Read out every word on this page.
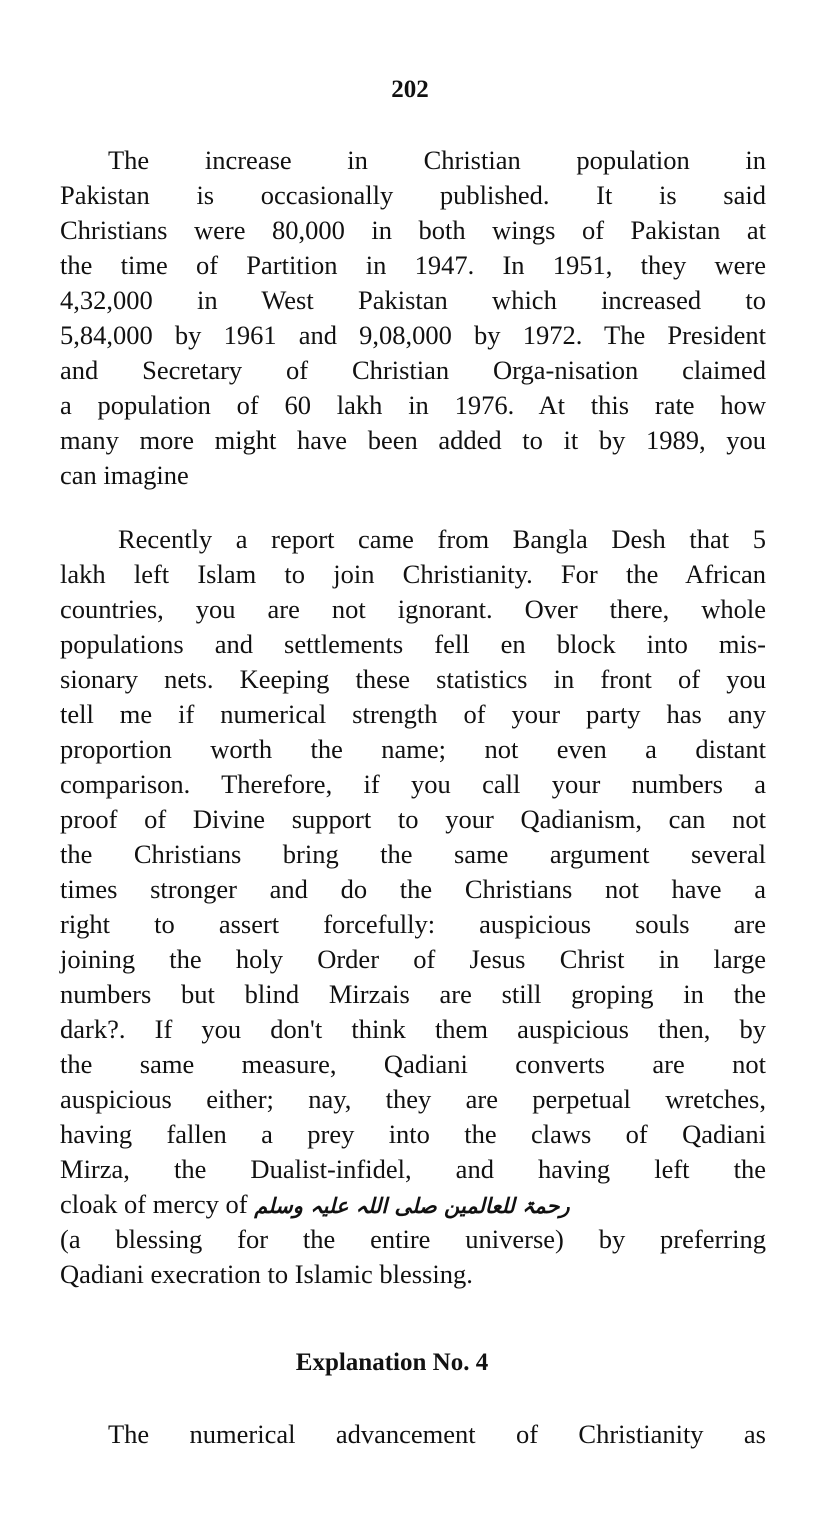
202
The increase in Christian population in
Pakistan is occasionally published. It is said
Christians were 80,000 in both wings of Pakistan at
the time of Partition in 1947. In 1951, they were
4,32,000 in West Pakistan which increased to
5,84,000 by 1961 and 9,08,000 by 1972. The President
and Secretary of Christian Orga-nisation claimed
a population of 60 lakh in 1976. At this rate how
many more might have been added to it by 1989, you
can imagine
Recently a report came from Bangla Desh that 5
lakh left Islam to join Christianity. For the African
countries, you are not ignorant. Over there, whole
populations and settlements fell en block into mis-
sionary nets. Keeping these statistics in front of you
tell me if numerical strength of your party has any
proportion worth the name; not even a distant
comparison. Therefore, if you call your numbers a
proof of Divine support to your Qadianism, can not
the Christians bring the same argument several
times stronger and do the Christians not have a
right to assert forcefully: auspicious souls are
joining the holy Order of Jesus Christ in large
numbers but blind Mirzais are still groping in the
dark?. If you don't think them auspicious then, by
the same measure, Qadiani converts are not
auspicious either; nay, they are perpetual wretches,
having fallen a prey into the claws of Qadiani
Mirza, the Dualist-infidel, and having left the
cloak of mercy of رحمۃ للعالمین صلی اللہ علیہ وسلم
(a blessing for the entire universe) by preferring
Qadiani execration to Islamic blessing.
Explanation No. 4
The numerical advancement of Christianity as
